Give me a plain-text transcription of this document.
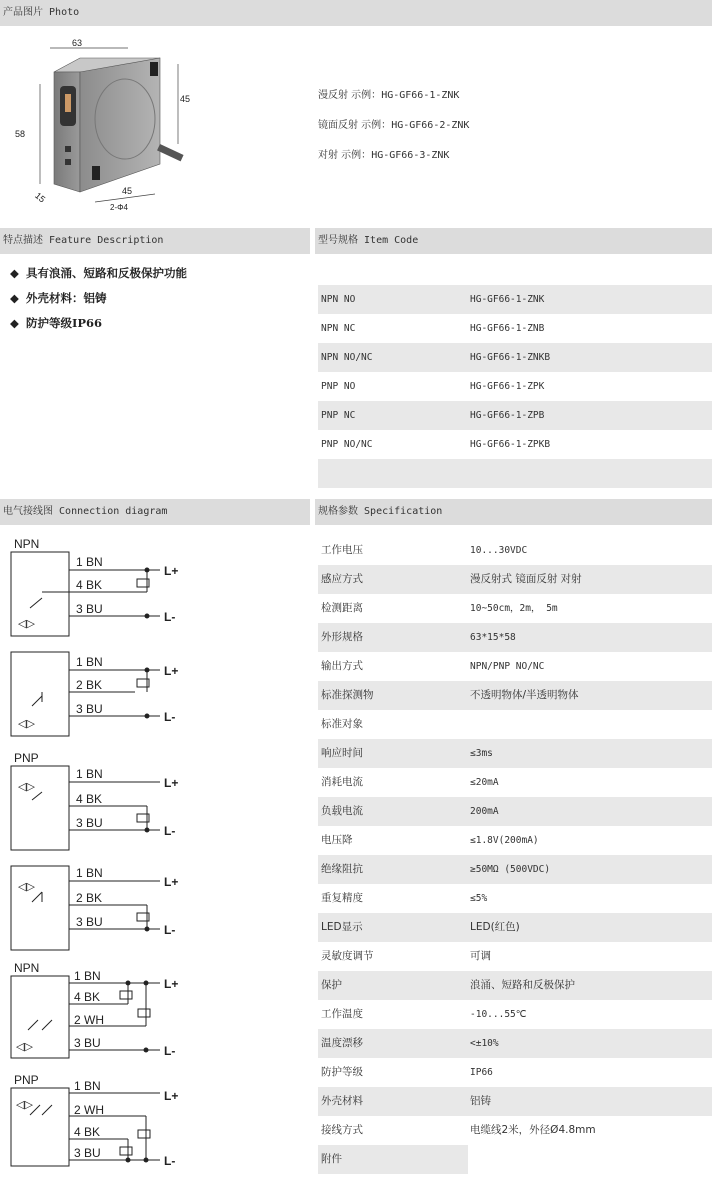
产品图片 Photo
63
58
45
45
15
2-Φ4
漫反射 示例：HG-GF66-1-ZNK
镜面反射 示例：HG-GF66-2-ZNK
对射 示例：HG-GF66-3-ZNK
特点描述 Feature Description	型号规格 Item Code
◆ 具有浪涌、短路和反极保护功能
◆ 外壳材料：铝铸
◆ 防护等级IP66
NPN NO	HG-GF66-1-ZNK
NPN NC	HG-GF66-1-ZNB
NPN NO/NC	HG-GF66-1-ZNKB
PNP NO	HG-GF66-1-ZPK
PNP NC	HG-GF66-1-ZPB
PNP NO/NC	HG-GF66-1-ZPKB
电气接线图 Connection diagram	规格参数 Specification
NPN
1 BN
4 BK
3 BU
L+
L-
◁▷
1 BN
2 BK
3 BU
L+
L-
◁▷
PNP
1 BN
4 BK
3 BU
L+
L-
◁▷
1 BN
2 BK
3 BU
L+
L-
◁▷
NPN
1 BN
4 BK
2 WH
3 BU
L+
L-
◁▷
PNP	1 BN
2 WH
4 BK
3 BU
L+
L-
◁▷
工作电压	10...30VDC
感应方式	漫反射式 镜面反射 对射
检测距离	10~50cm，2m， 5m
外形规格	63*15*58
输出方式	NPN/PNP NO/NC
标准探测物	不透明物体/半透明物体
标准对象
响应时间	≤3ms
消耗电流	≤20mA
负载电流	200mA
电压降	≤1.8V(200mA)
绝缘阻抗	≥50MΩ (500VDC)
重复精度	≤5%
LED显示	LED(红色)
灵敏度调节	可调
保护	浪涌、短路和反极保护
工作温度	-10...55℃
温度漂移	<±10%
防护等级	IP66
外壳材料	铝铸
接线方式	电缆线2米，外径Ø4.8mm
附件
